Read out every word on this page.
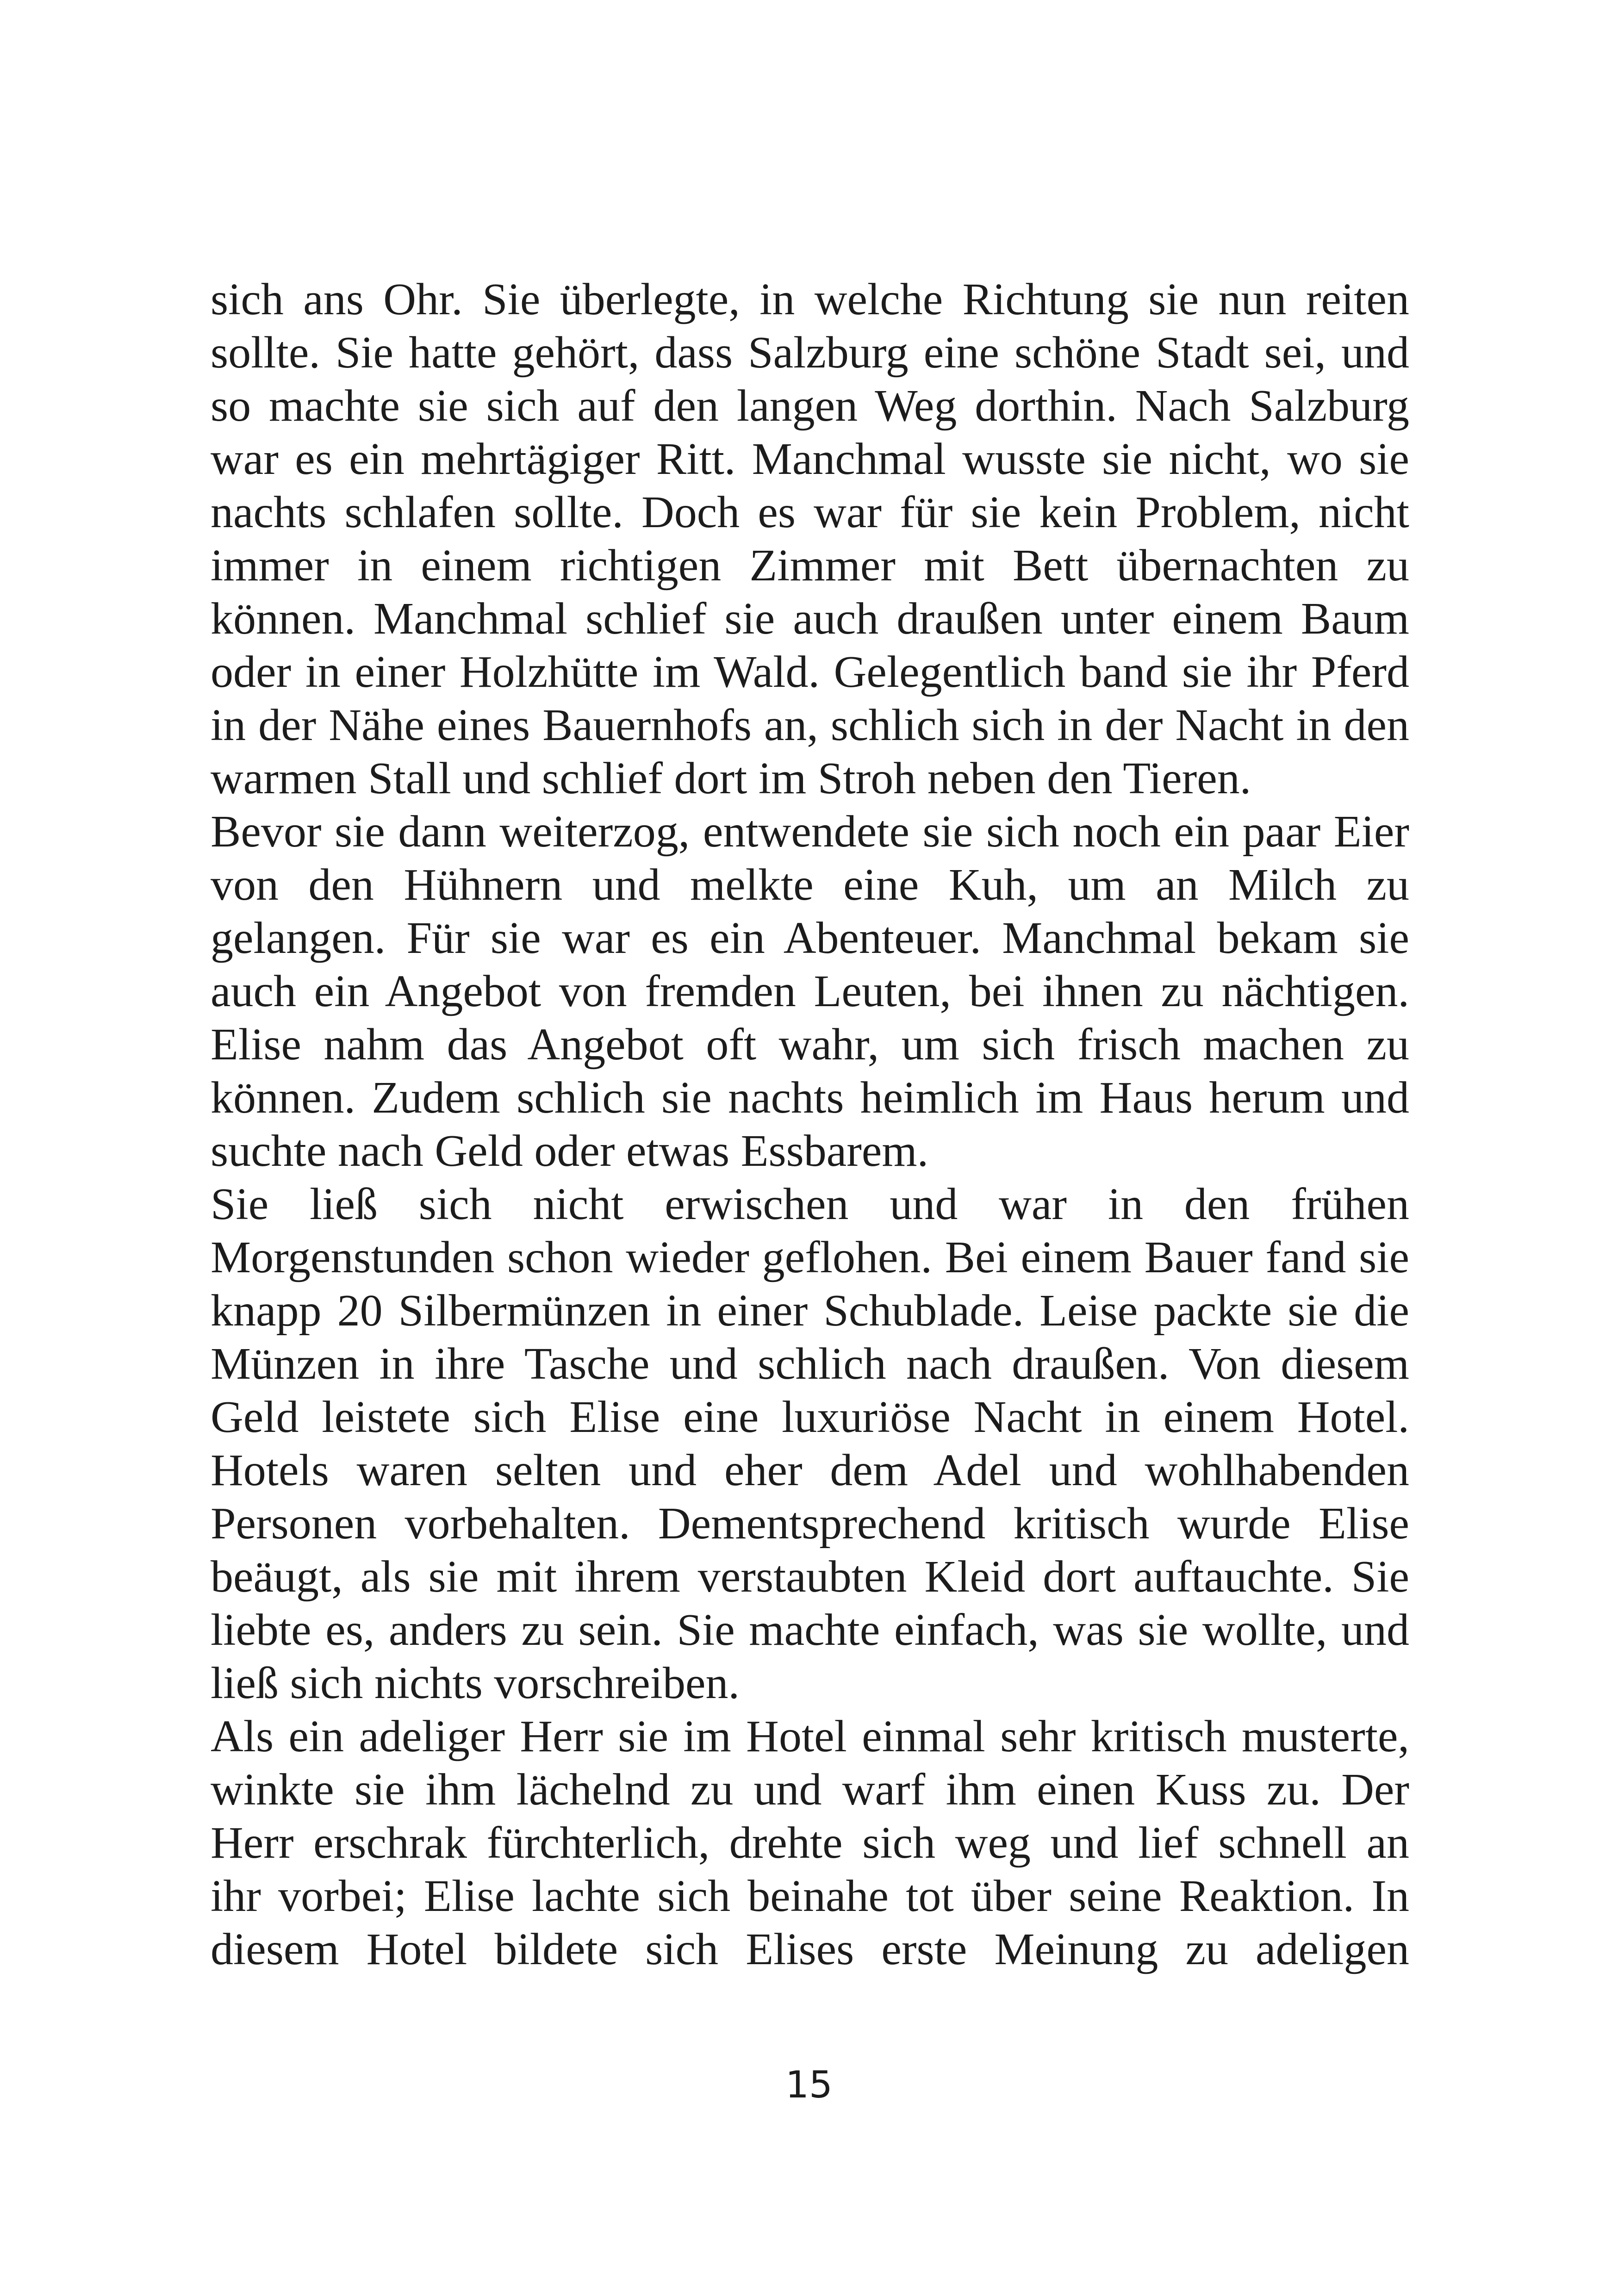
sich ans Ohr. Sie überlegte, in welche Richtung sie nun reiten
sollte. Sie hatte gehört, dass Salzburg eine schöne Stadt sei, und
so machte sie sich auf den langen Weg dorthin. Nach Salzburg
war es ein mehrtägiger Ritt. Manchmal wusste sie nicht, wo sie
nachts schlafen sollte. Doch es war für sie kein Problem, nicht
immer in einem richtigen Zimmer mit Bett übernachten zu
können. Manchmal schlief sie auch draußen unter einem Baum
oder in einer Holzhütte im Wald. Gelegentlich band sie ihr Pferd
in der Nähe eines Bauernhofs an, schlich sich in der Nacht in den
warmen Stall und schlief dort im Stroh neben den Tieren.
Bevor sie dann weiterzog, entwendete sie sich noch ein paar Eier
von den Hühnern und melkte eine Kuh, um an Milch zu
gelangen. Für sie war es ein Abenteuer. Manchmal bekam sie
auch ein Angebot von fremden Leuten, bei ihnen zu nächtigen.
Elise nahm das Angebot oft wahr, um sich frisch machen zu
können. Zudem schlich sie nachts heimlich im Haus herum und
suchte nach Geld oder etwas Essbarem.
Sie ließ sich nicht erwischen und war in den frühen
Morgenstunden schon wieder geflohen. Bei einem Bauer fand sie
knapp 20 Silbermünzen in einer Schublade. Leise packte sie die
Münzen in ihre Tasche und schlich nach draußen. Von diesem
Geld leistete sich Elise eine luxuriöse Nacht in einem Hotel.
Hotels waren selten und eher dem Adel und wohlhabenden
Personen vorbehalten. Dementsprechend kritisch wurde Elise
beäugt, als sie mit ihrem verstaubten Kleid dort auftauchte. Sie
liebte es, anders zu sein. Sie machte einfach, was sie wollte, und
ließ sich nichts vorschreiben.
Als ein adeliger Herr sie im Hotel einmal sehr kritisch musterte,
winkte sie ihm lächelnd zu und warf ihm einen Kuss zu. Der
Herr erschrak fürchterlich, drehte sich weg und lief schnell an
ihr vorbei; Elise lachte sich beinahe tot über seine Reaktion. In
diesem Hotel bildete sich Elises erste Meinung zu adeligen
15
